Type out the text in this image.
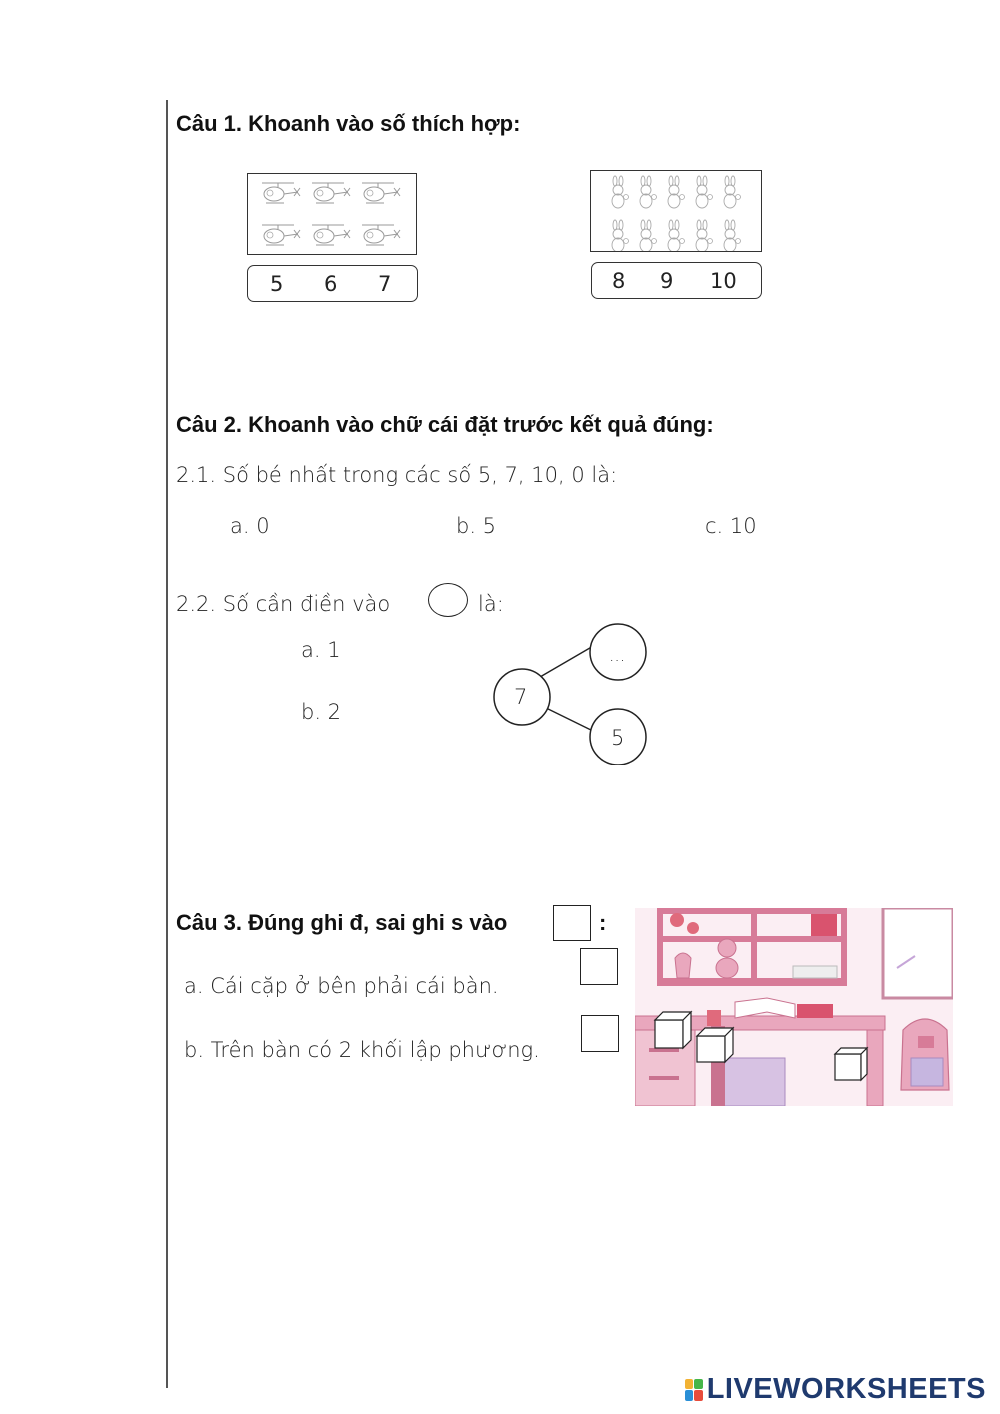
Câu 1. Khoanh vào số thích hợp:
5 6 7	8 9 10
Câu 2. Khoanh vào chữ cái đặt trước kết quả đúng:
2.1. Số bé nhất trong các số 5, 7, 10, 0 là:
a. 0	b. 5	c. 10
2.2. Số cần điền vào	là:
a. 1
b. 2
7
...
5
Câu 3. Đúng ghi đ, sai ghi s vào	:
a. Cái cặp ở bên phải cái bàn.
b. Trên bàn có 2 khối lập phương.
LIVEWORKSHEETS
